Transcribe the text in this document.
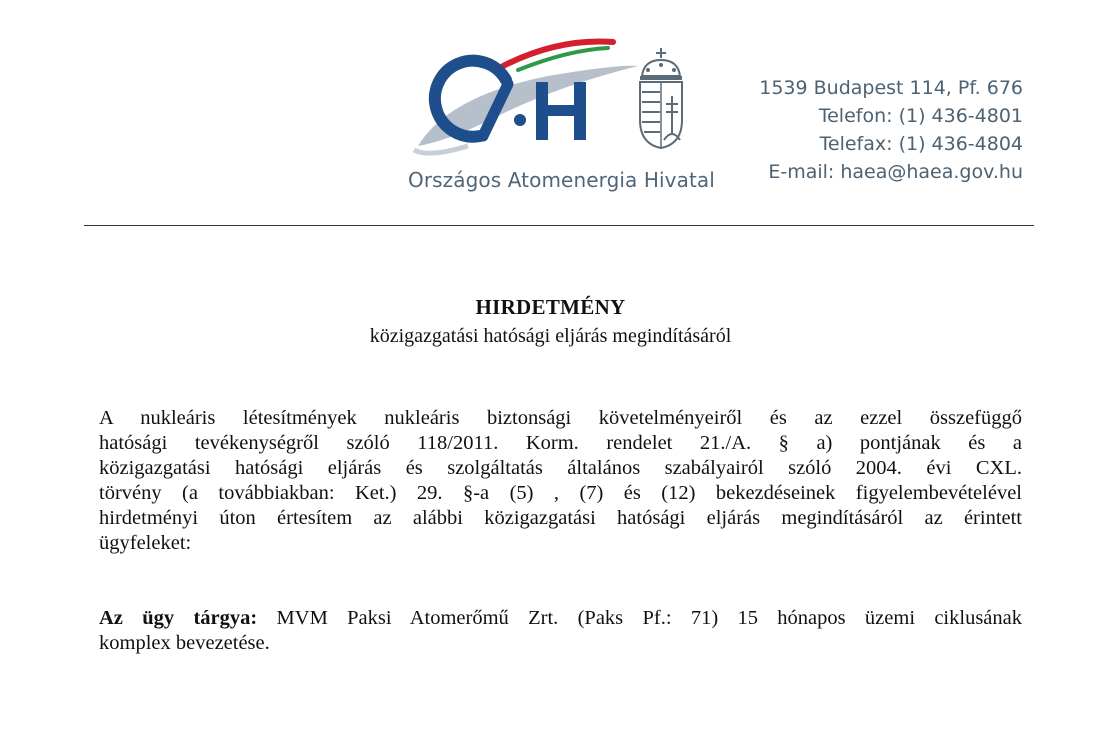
Országos Atomenergia Hivatal
1539 Budapest 114, Pf. 676
Telefon: (1) 436-4801
Telefax: (1) 436-4804
E-mail: haea@haea.gov.hu
HIRDETMÉNY
közigazgatási hatósági eljárás megindításáról
A nukleáris létesítmények nukleáris biztonsági követelményeiről és az ezzel összefüggő
hatósági tevékenységről szóló 118/2011. Korm. rendelet 21./A. § a) pontjának és a
közigazgatási hatósági eljárás és szolgáltatás általános szabályairól szóló 2004. évi CXL.
törvény (a továbbiakban: Ket.) 29. §-a (5) , (7) és (12) bekezdéseinek figyelembevételével
hirdetményi úton értesítem az alábbi közigazgatási hatósági eljárás megindításáról az érintett
ügyfeleket:
Az ügy tárgya: MVM Paksi Atomerőmű Zrt. (Paks Pf.: 71) 15 hónapos üzemi ciklusának
komplex bevezetése.
